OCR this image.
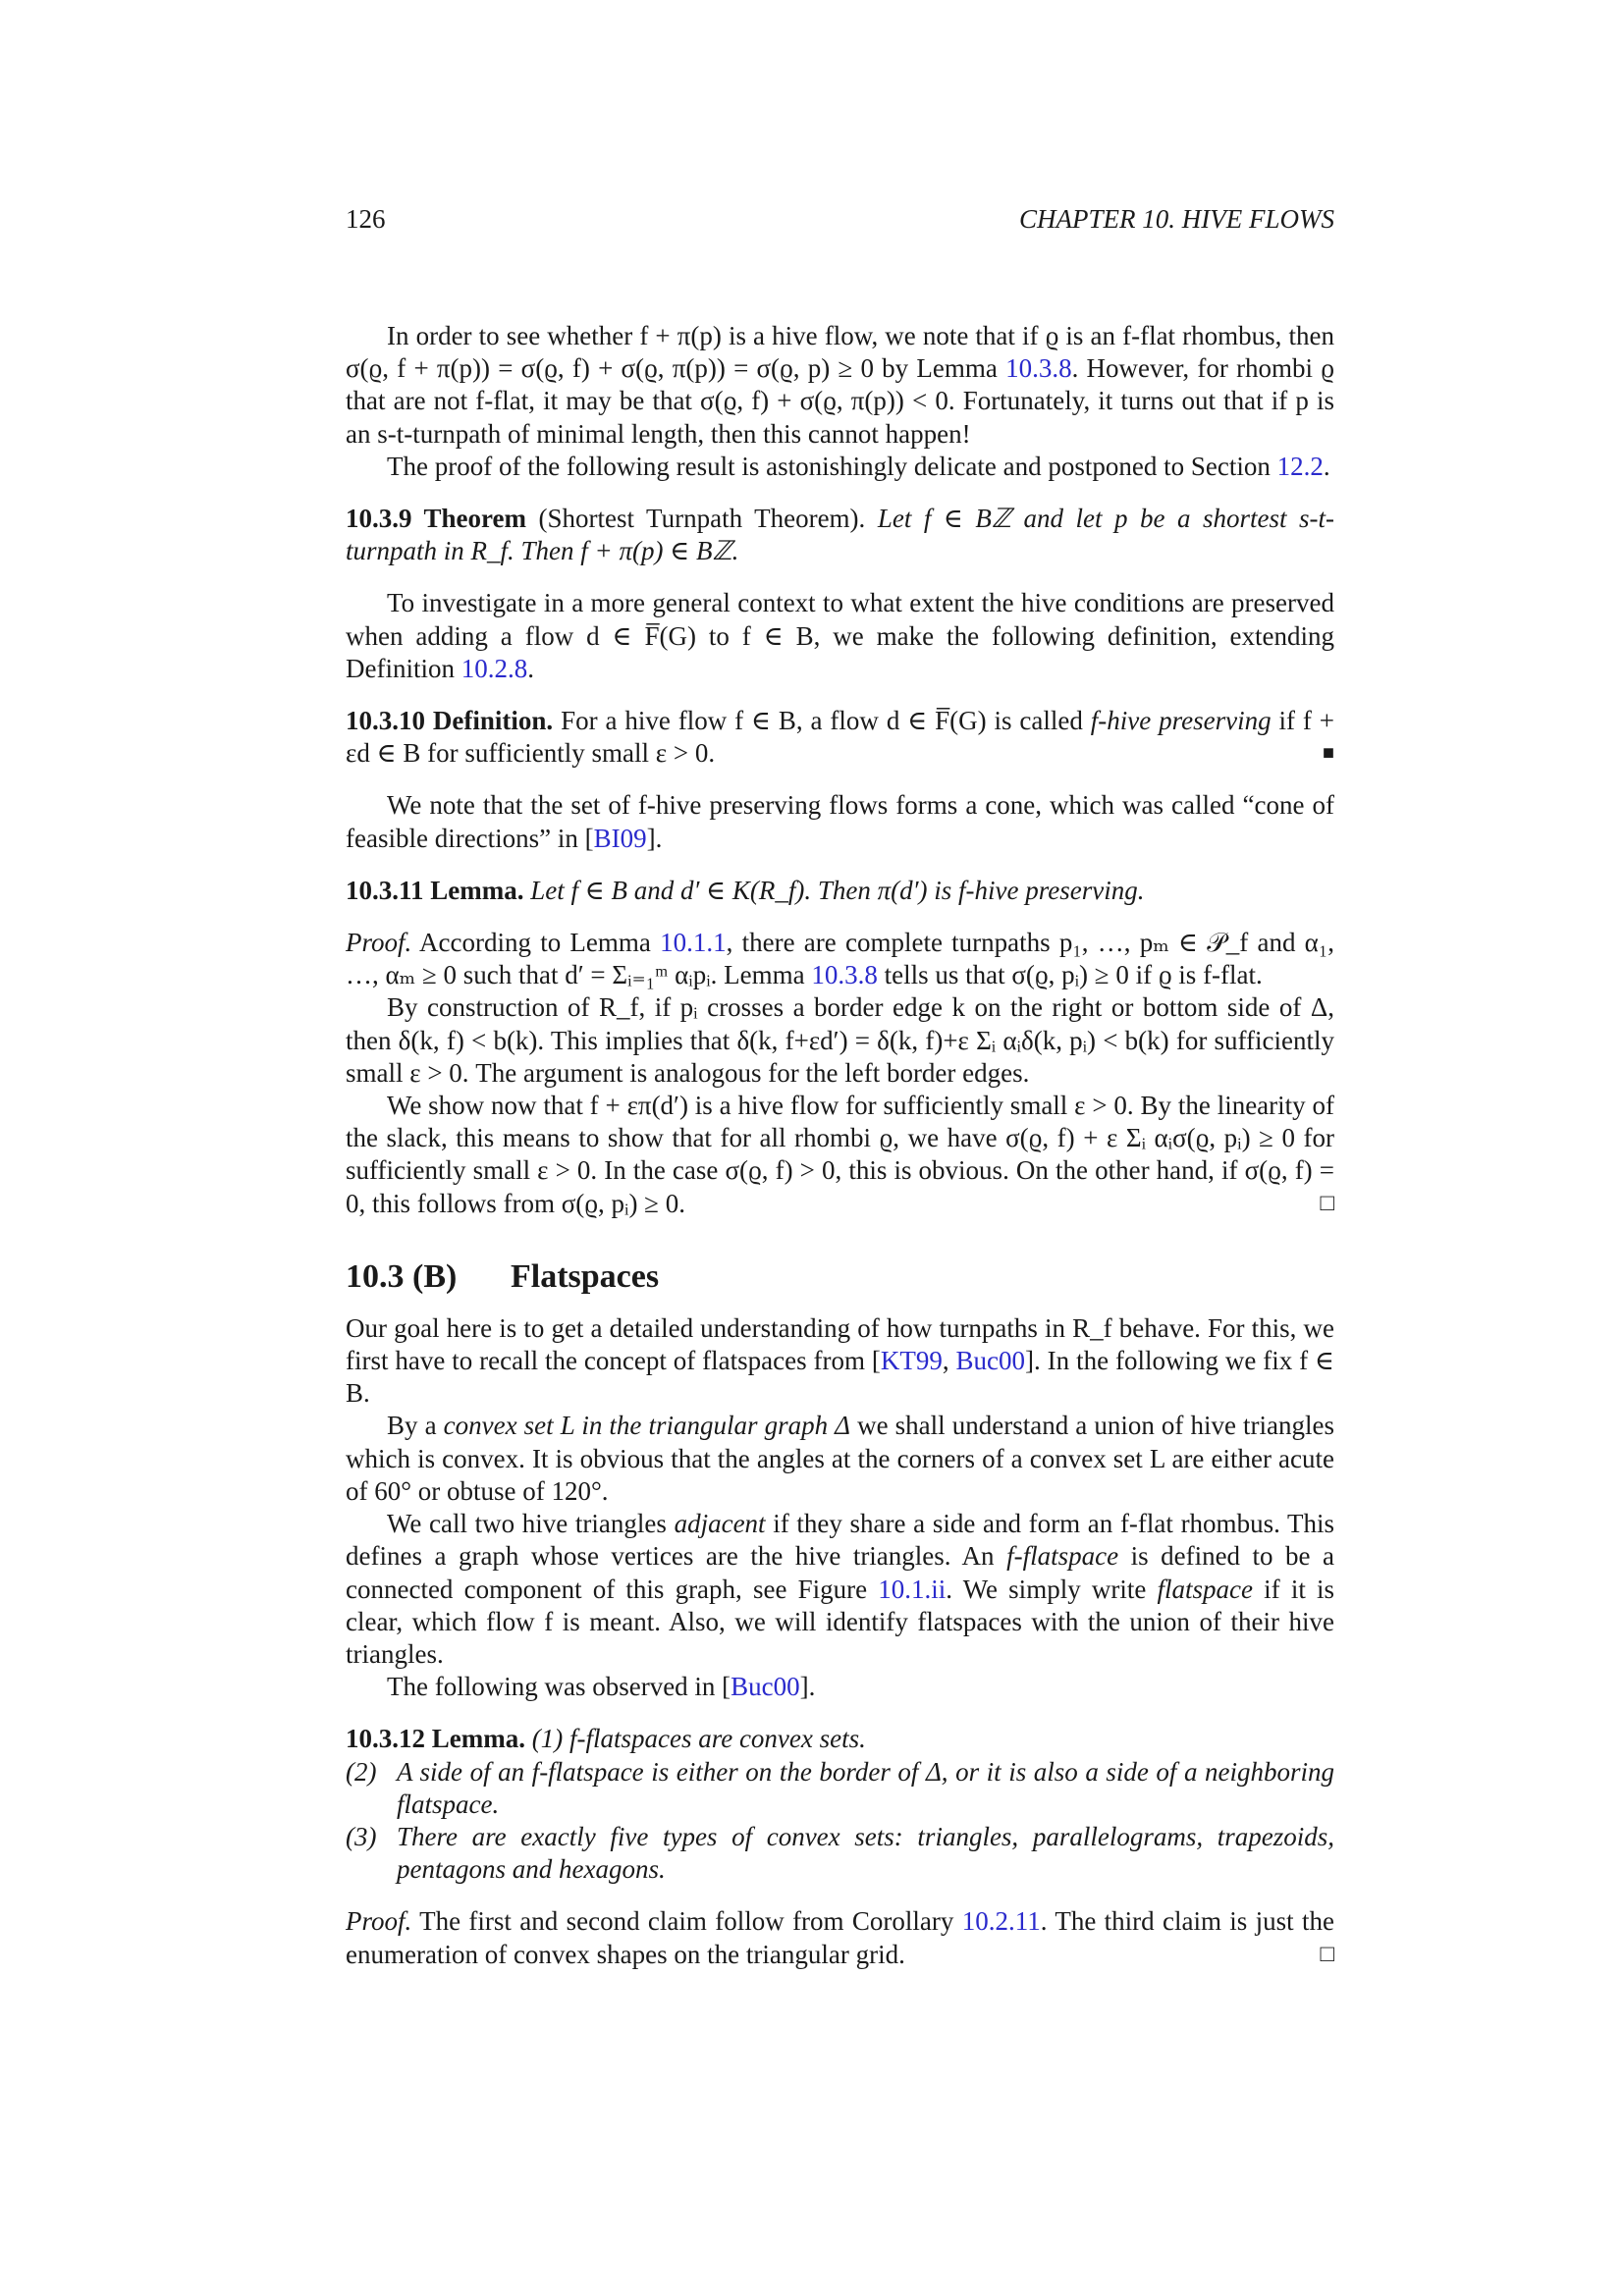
126	CHAPTER 10. HIVE FLOWS

In order to see whether f + π(p) is a hive flow, we note that if ϱ is an f-flat rhombus, then σ(ϱ, f + π(p)) = σ(ϱ, f) + σ(ϱ, π(p)) = σ(ϱ, p) ≥ 0 by Lemma 10.3.8. However, for rhombi ϱ that are not f-flat, it may be that σ(ϱ, f) + σ(ϱ, π(p)) < 0. Fortunately, it turns out that if p is an s-t-turnpath of minimal length, then this cannot happen!

The proof of the following result is astonishingly delicate and postponed to Section 12.2.

10.3.9 Theorem (Shortest Turnpath Theorem). Let f ∈ Bℤ and let p be a shortest s-t-turnpath in R_f. Then f + π(p) ∈ Bℤ.

To investigate in a more general context to what extent the hive conditions are preserved when adding a flow d ∈ F̅(G) to f ∈ B, we make the following definition, extending Definition 10.2.8.

10.3.10 Definition. For a hive flow f ∈ B, a flow d ∈ F̅(G) is called f-hive preserving if f + εd ∈ B for sufficiently small ε > 0.	■

We note that the set of f-hive preserving flows forms a cone, which was called “cone of feasible directions” in [BI09].

10.3.11 Lemma. Let f ∈ B and d′ ∈ K(R_f). Then π(d′) is f-hive preserving.

Proof. According to Lemma 10.1.1, there are complete turnpaths p₁, …, pₘ ∈ 𝒫_f and α₁, …, αₘ ≥ 0 such that d′ = Σᵢ₌₁ᵐ αᵢpᵢ. Lemma 10.3.8 tells us that σ(ϱ, pᵢ) ≥ 0 if ϱ is f-flat.

By construction of R_f, if pᵢ crosses a border edge k on the right or bottom side of Δ, then δ(k, f) < b(k). This implies that δ(k, f+εd′) = δ(k, f)+ε Σᵢ αᵢδ(k, pᵢ) < b(k) for sufficiently small ε > 0. The argument is analogous for the left border edges.

We show now that f + επ(d′) is a hive flow for sufficiently small ε > 0. By the linearity of the slack, this means to show that for all rhombi ϱ, we have σ(ϱ, f) + ε Σᵢ αᵢσ(ϱ, pᵢ) ≥ 0 for sufficiently small ε > 0. In the case σ(ϱ, f) > 0, this is obvious. On the other hand, if σ(ϱ, f) = 0, this follows from σ(ϱ, pᵢ) ≥ 0.	□

10.3 (B) Flatspaces

Our goal here is to get a detailed understanding of how turnpaths in R_f behave. For this, we first have to recall the concept of flatspaces from [KT99, Buc00]. In the following we fix f ∈ B.

By a convex set L in the triangular graph Δ we shall understand a union of hive triangles which is convex. It is obvious that the angles at the corners of a convex set L are either acute of 60° or obtuse of 120°.

We call two hive triangles adjacent if they share a side and form an f-flat rhombus. This defines a graph whose vertices are the hive triangles. An f-flatspace is defined to be a connected component of this graph, see Figure 10.1.ii. We simply write flatspace if it is clear, which flow f is meant. Also, we will identify flatspaces with the union of their hive triangles.

The following was observed in [Buc00].

10.3.12 Lemma. (1) f-flatspaces are convex sets.

(2) A side of an f-flatspace is either on the border of Δ, or it is also a side of a neighboring flatspace.

(3) There are exactly five types of convex sets: triangles, parallelograms, trapezoids, pentagons and hexagons.

Proof. The first and second claim follow from Corollary 10.2.11. The third claim is just the enumeration of convex shapes on the triangular grid.	□
